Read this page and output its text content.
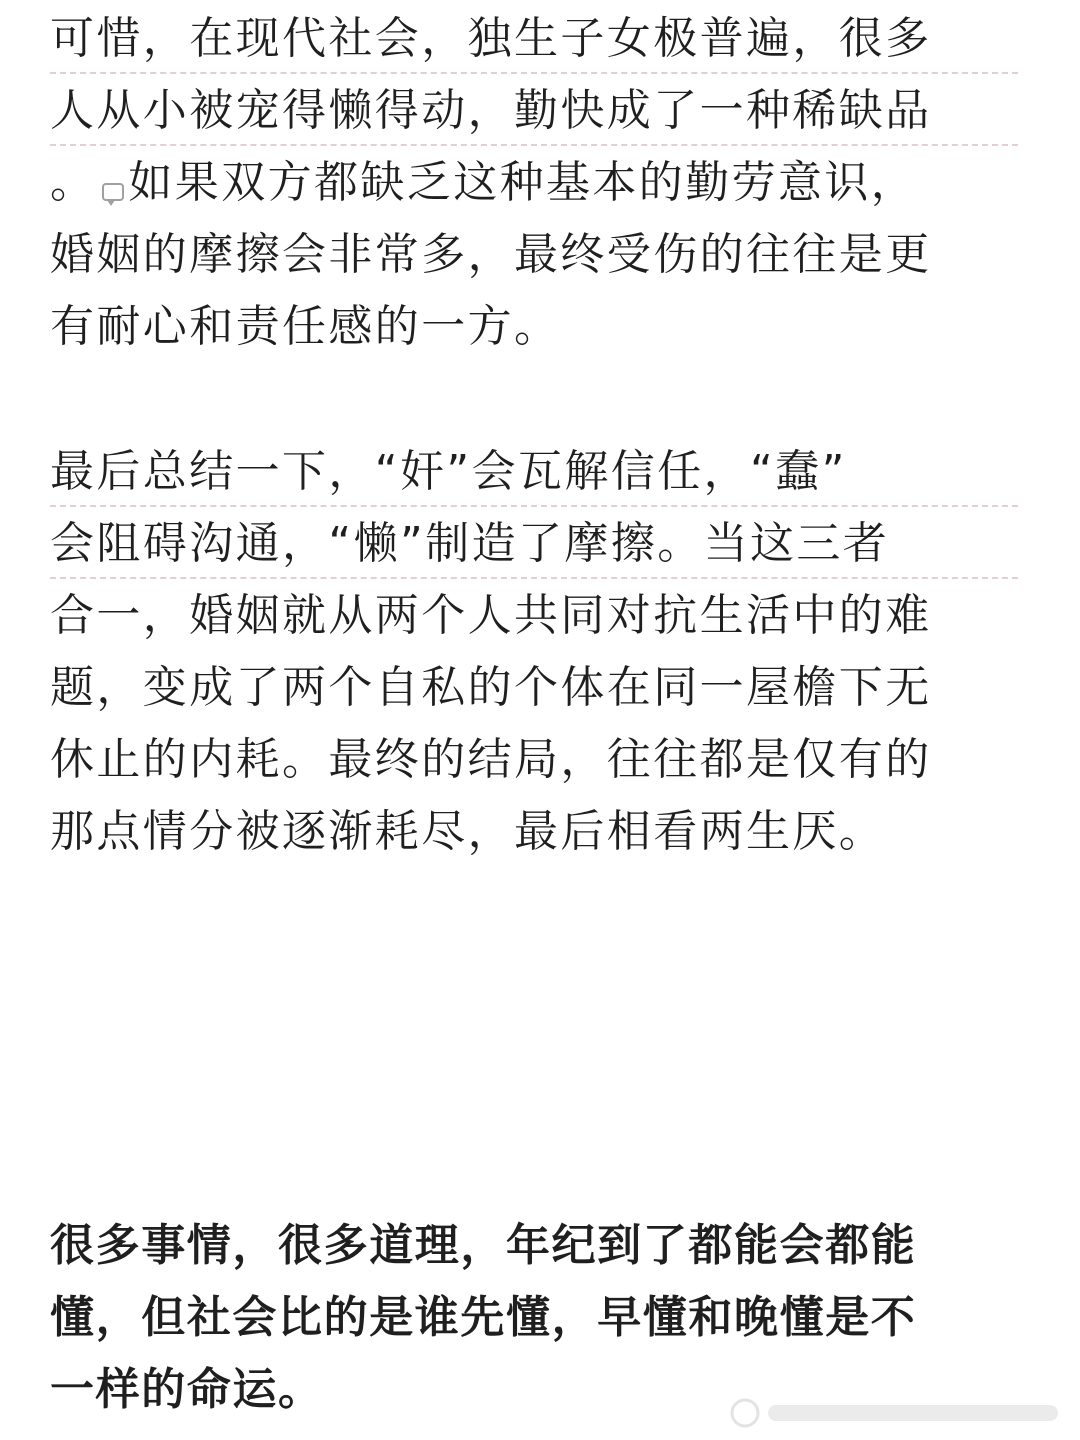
可惜，在现代社会，独生子女极普遍，很多
人从小被宠得懒得动，勤快成了一种稀缺品
。 如果双方都缺乏这种基本的勤劳意识，
婚姻的摩擦会非常多，最终受伤的往往是更
有耐心和责任感的一方。
最后总结一下，“奸”会瓦解信任，“蠢”
会阻碍沟通，“懒”制造了摩擦。当这三者
合一，婚姻就从两个人共同对抗生活中的难
题，变成了两个自私的个体在同一屋檐下无
休止的内耗。最终的结局，往往都是仅有的
那点情分被逐渐耗尽，最后相看两生厌。
很多事情，很多道理，年纪到了都能会都能
懂，但社会比的是谁先懂，早懂和晚懂是不
一样的命运。
